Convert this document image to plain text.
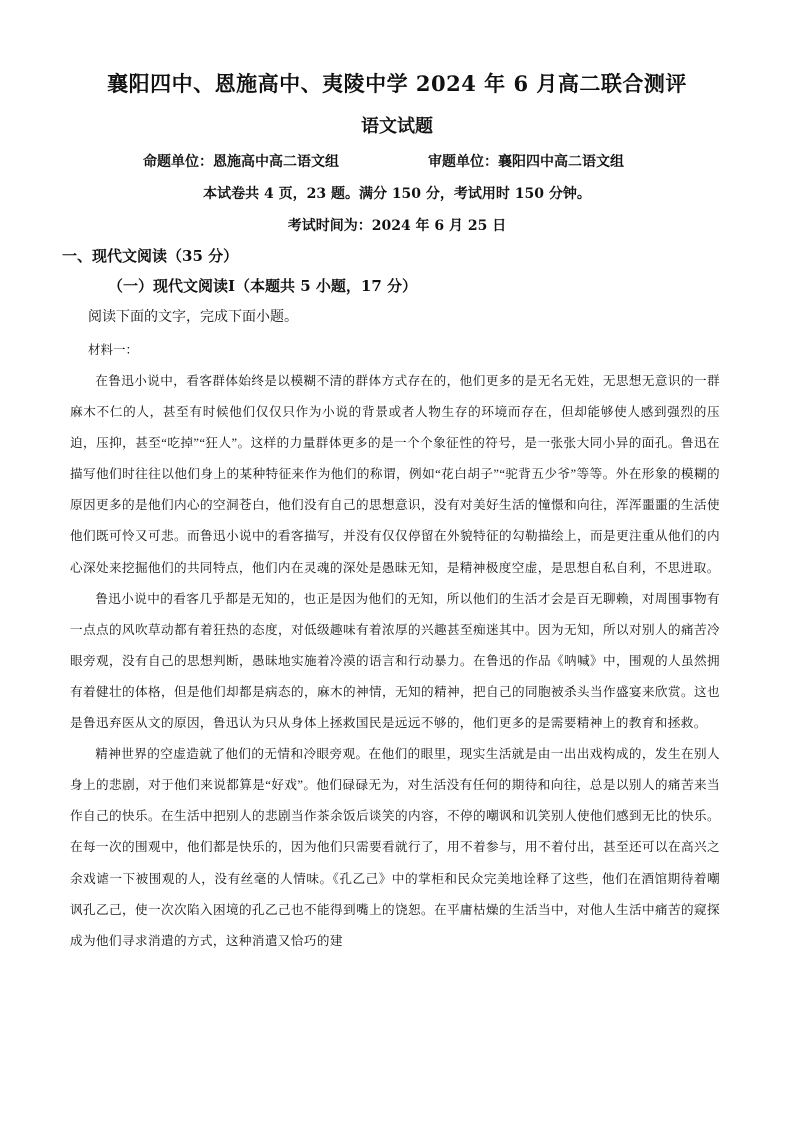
襄阳四中、恩施高中、夷陵中学 2024 年 6 月高二联合测评
语文试题
命题单位：恩施高中高二语文组	审题单位：襄阳四中高二语文组
本试卷共 4 页，23 题。满分 150 分，考试用时 150 分钟。
考试时间为：2024 年 6 月 25 日
一、现代文阅读（35 分）
（一）现代文阅读Ⅰ（本题共 5 小题，17 分）
阅读下面的文字，完成下面小题。
材料一：

在鲁迅小说中，看客群体始终是以模糊不清的群体方式存在的，他们更多的是无名无姓，无思想无意识的一群麻木不仁的人，甚至有时候他们仅仅只作为小说的背景或者人物生存的环境而存在，但却能够使人感到强烈的压迫，压抑，甚至“吃掉”“狂人”。这样的力量群体更多的是一个个象征性的符号，是一张张大同小异的面孔。鲁迅在描写他们时往往以他们身上的某种特征来作为他们的称谓，例如“花白胡子”“驼背五少爷”等等。外在形象的模糊的原因更多的是他们内心的空洞苍白，他们没有自己的思想意识，没有对美好生活的憧憬和向往，浑浑噩噩的生活使他们既可怜又可悲。而鲁迅小说中的看客描写，并没有仅仅停留在外貌特征的勾勒描绘上，而是更注重从他们的内心深处来挖掘他们的共同特点，他们内在灵魂的深处是愚昧无知，是精神极度空虚，是思想自私自利，不思进取。

鲁迅小说中的看客几乎都是无知的，也正是因为他们的无知，所以他们的生活才会是百无聊赖，对周围事物有一点点的风吹草动都有着狂热的态度，对低级趣味有着浓厚的兴趣甚至痴迷其中。因为无知，所以对别人的痛苦冷眼旁观，没有自己的思想判断，愚昧地实施着冷漠的语言和行动暴力。在鲁迅的作品《呐喊》中，围观的人虽然拥有着健壮的体格，但是他们却都是病态的，麻木的神情，无知的精神，把自己的同胞被杀头当作盛宴来欣赏。这也是鲁迅弃医从文的原因，鲁迅认为只从身体上拯救国民是远远不够的，他们更多的是需要精神上的教育和拯救。

精神世界的空虚造就了他们的无情和冷眼旁观。在他们的眼里，现实生活就是由一出出戏构成的，发生在别人身上的悲剧，对于他们来说都算是“好戏”。他们碌碌无为，对生活没有任何的期待和向往，总是以别人的痛苦来当作自己的快乐。在生活中把别人的悲剧当作茶余饭后谈笑的内容，不停的嘲讽和讥笑别人使他们感到无比的快乐。在每一次的围观中，他们都是快乐的，因为他们只需要看就行了，用不着参与，用不着付出，甚至还可以在高兴之余戏谑一下被围观的人，没有丝毫的人情味。《孔乙己》中的掌柜和民众完美地诠释了这些，他们在酒馆期待着嘲讽孔乙己，使一次次陷入困境的孔乙己也不能得到嘴上的饶恕。在平庸枯燥的生活当中，对他人生活中痛苦的窥探成为他们寻求消遣的方式，这种消遣又恰巧的建
